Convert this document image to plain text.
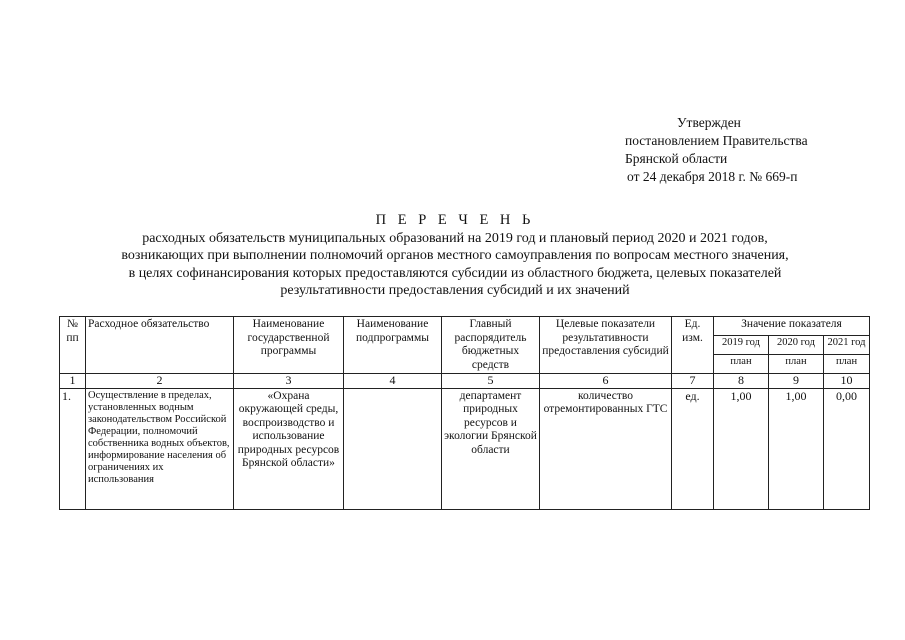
Утвержден
постановлением Правительства
Брянской области
от 24 декабря 2018 г. № 669-п
П Е Р Е Ч Е Н Ь
расходных обязательств муниципальных образований на 2019 год и плановый период 2020 и 2021 годов,
возникающих при выполнении полномочий органов местного самоуправления по вопросам местного значения,
в целях софинансирования которых предоставляются субсидии из областного бюджета, целевых показателей
результативности предоставления субсидий и их значений
№ пп	Расходное обязательство	Наименование государственной программы	Наименование подпрограммы	Главный распорядитель бюджетных средств	Целевые показатели результативности предоставления субсидий	Ед. изм.	Значение показателя		
							2019 год	2020 год	2021 год
							план	план	план
1	2	3	4	5	6	7	8	9	10
1.	Осуществление в пределах, установленных водным законодательством Российской Федерации, полномочий собственника водных объектов, информирование населения об ограничениях их использования	«Охрана окружающей среды, воспроизводство и использование природных ресурсов Брянской области»		департамент природных ресурсов и экологии Брянской области	количество отремонтированных ГТС	ед.	1,00	1,00	0,00
